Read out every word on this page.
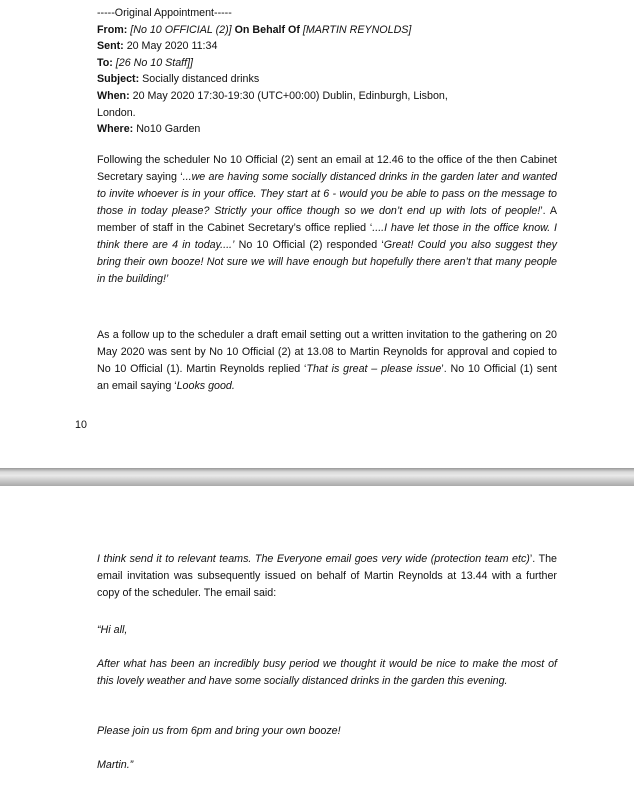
-----Original Appointment-----
From: [No 10 OFFICIAL (2)] On Behalf Of [MARTIN REYNOLDS]
Sent: 20 May 2020 11:34
To: [26 No 10 Staff]]
Subject: Socially distanced drinks
When: 20 May 2020 17:30-19:30 (UTC+00:00) Dublin, Edinburgh, Lisbon,
London.
Where: No10 Garden
Following the scheduler No 10 Official (2) sent an email at 12.46 to the office of the then Cabinet Secretary saying ‘...we are having some socially distanced drinks in the garden later and wanted to invite whoever is in your office. They start at 6 - would you be able to pass on the message to those in today please? Strictly your office though so we don’t end up with lots of people!’. A member of staff in the Cabinet Secretary’s office replied ‘....I have let those in the office know. I think there are 4 in today....’ No 10 Official (2) responded ‘Great! Could you also suggest they bring their own booze! Not sure we will have enough but hopefully there aren’t that many people in the building!’
As a follow up to the scheduler a draft email setting out a written invitation to the gathering on 20 May 2020 was sent by No 10 Official (2) at 13.08 to Martin Reynolds for approval and copied to No 10 Official (1). Martin Reynolds replied ‘That is great – please issue’. No 10 Official (1) sent an email saying ‘Looks good.
10
I think send it to relevant teams. The Everyone email goes very wide (protection team etc)’. The email invitation was subsequently issued on behalf of Martin Reynolds at 13.44 with a further copy of the scheduler. The email said:
“Hi all,
After what has been an incredibly busy period we thought it would be nice to make the most of this lovely weather and have some socially distanced drinks in the garden this evening.
Please join us from 6pm and bring your own booze!
Martin.”
